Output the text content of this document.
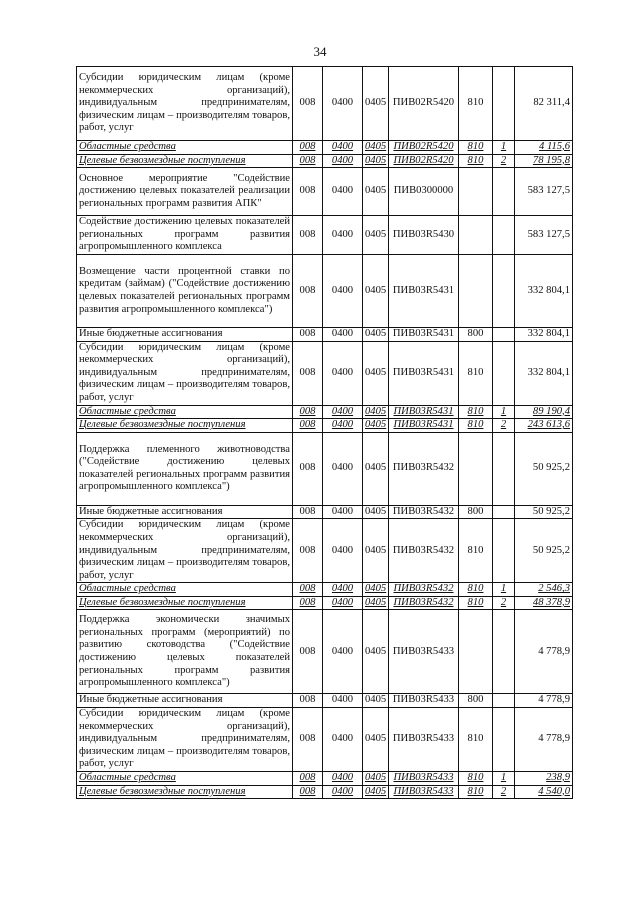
34
Субсидии юридическим лицам (кроме некоммерческих организаций), индивидуальным предпринимателям, физическим лицам – производителям товаров, работ, услуг	008	0400	0405	ПИВ02R5420	810		82 311,4
Областные средства	008	0400	0405	ПИВ02R5420	810	1	4 115,6
Целевые безвозмездные поступления	008	0400	0405	ПИВ02R5420	810	2	78 195,8
Основное мероприятие "Содействие достижению целевых показателей реализации региональных программ развития АПК"	008	0400	0405	ПИВ0300000			583 127,5
Содействие достижению целевых показателей региональных программ развития агропромышленного комплекса	008	0400	0405	ПИВ03R5430			583 127,5
Возмещение части процентной ставки по кредитам (займам) ("Содействие достижению целевых показателей региональных программ развития агропромышленного комплекса")	008	0400	0405	ПИВ03R5431			332 804,1
Иные бюджетные ассигнования	008	0400	0405	ПИВ03R5431	800		332 804,1
Субсидии юридическим лицам (кроме некоммерческих организаций), индивидуальным предпринимателям, физическим лицам – производителям товаров, работ, услуг	008	0400	0405	ПИВ03R5431	810		332 804,1
Областные средства	008	0400	0405	ПИВ03R5431	810	1	89 190,4
Целевые безвозмездные поступления	008	0400	0405	ПИВ03R5431	810	2	243 613,6
Поддержка племенного животноводства ("Содействие достижению целевых показателей региональных программ развития агропромышленного комплекса")	008	0400	0405	ПИВ03R5432			50 925,2
Иные бюджетные ассигнования	008	0400	0405	ПИВ03R5432	800		50 925,2
Субсидии юридическим лицам (кроме некоммерческих организаций), индивидуальным предпринимателям, физическим лицам – производителям товаров, работ, услуг	008	0400	0405	ПИВ03R5432	810		50 925,2
Областные средства	008	0400	0405	ПИВ03R5432	810	1	2 546,3
Целевые безвозмездные поступления	008	0400	0405	ПИВ03R5432	810	2	48 378,9
Поддержка экономически значимых региональных программ (мероприятий) по развитию скотоводства ("Содействие достижению целевых показателей региональных программ развития агропромышленного комплекса")	008	0400	0405	ПИВ03R5433			4 778,9
Иные бюджетные ассигнования	008	0400	0405	ПИВ03R5433	800		4 778,9
Субсидии юридическим лицам (кроме некоммерческих организаций), индивидуальным предпринимателям, физическим лицам – производителям товаров, работ, услуг	008	0400	0405	ПИВ03R5433	810		4 778,9
Областные средства	008	0400	0405	ПИВ03R5433	810	1	238,9
Целевые безвозмездные поступления	008	0400	0405	ПИВ03R5433	810	2	4 540,0
